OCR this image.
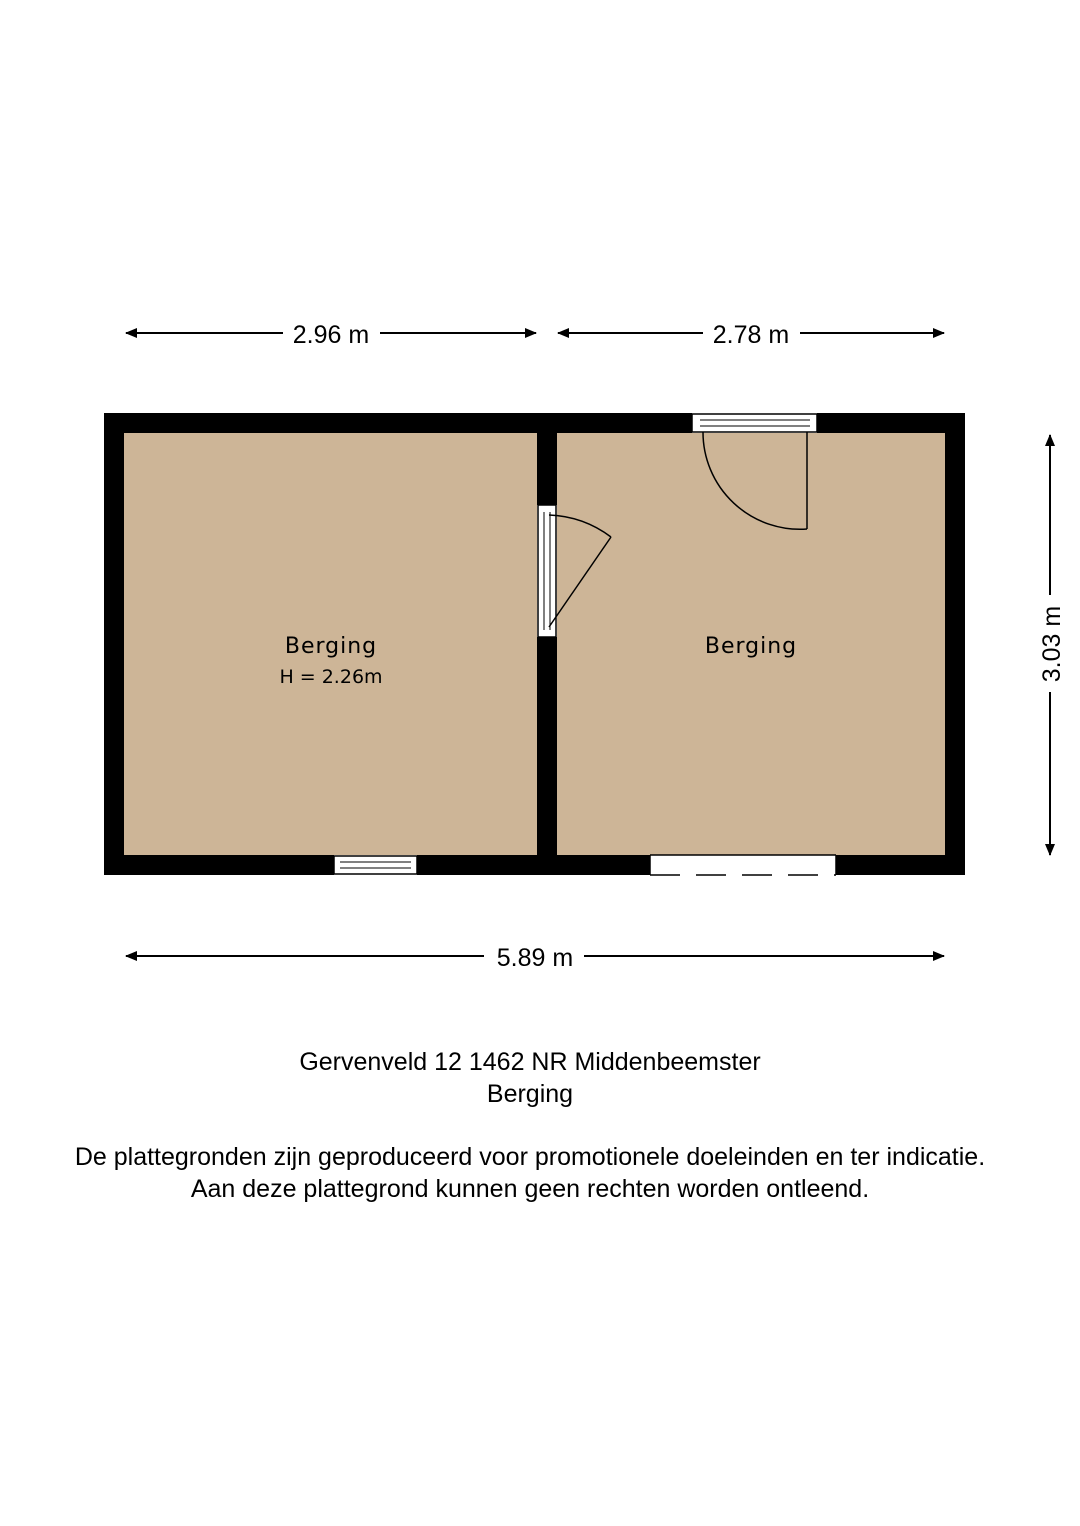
2.96 m	2.78 m
3.03 m
5.89 m
Berging
H = 2.26m
Berging
Gervenveld 12 1462 NR Middenbeemster
Berging
De plattegronden zijn geproduceerd voor promotionele doeleinden en ter indicatie.
Aan deze plattegrond kunnen geen rechten worden ontleend.
